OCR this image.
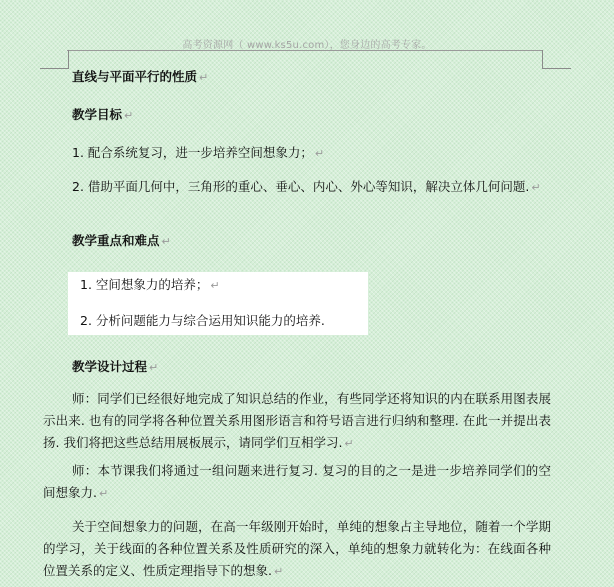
高考资源网（ www.ks5u.com），您身边的高考专家。

直线与平面平行的性质 ↵

教学目标 ↵

1. 配合系统复习，进一步培养空间想象力； ↵

2. 借助平面几何中，三角形的重心、垂心、内心、外心等知识，解决立体几何问题. ↵

教学重点和难点 ↵

1. 空间想象力的培养； ↵
2. 分析问题能力与综合运用知识能力的培养.

教学设计过程 ↵

师：同学们已经很好地完成了知识总结的作业，有些同学还将知识的内在联系用图表展示出来. 也有的同学将各种位置关系用图形语言和符号语言进行归纳和整理. 在此一并提出表扬. 我们将把这些总结用展板展示，请同学们互相学习. ↵

师：本节课我们将通过一组问题来进行复习. 复习的目的之一是进一步培养同学们的空间想象力. ↵

关于空间想象力的问题，在高一年级刚开始时，单纯的想象占主导地位，随着一个学期的学习，关于线面的各种位置关系及性质研究的深入，单纯的想象力就转化为：在线面各种位置关系的定义、性质定理指导下的想象. ↵
